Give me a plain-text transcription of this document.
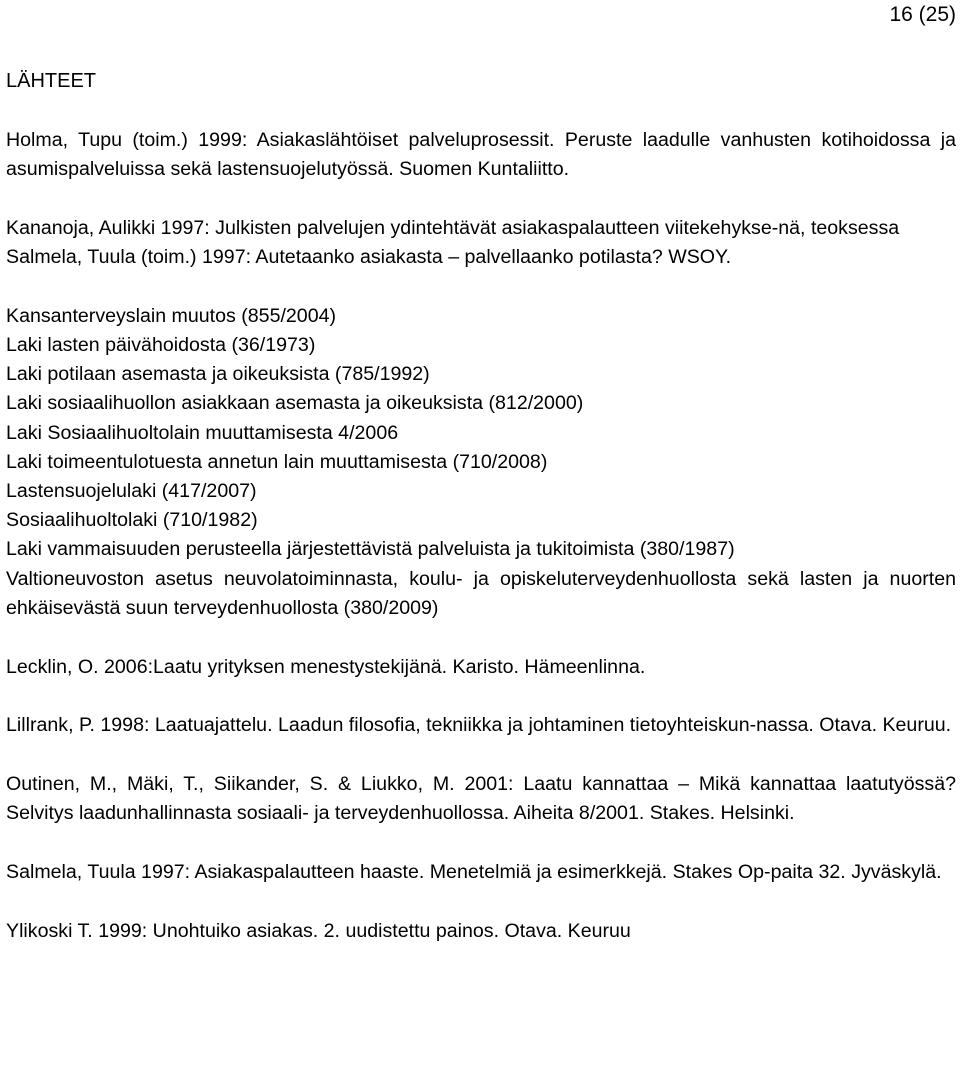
16 (25)
LÄHTEET
Holma, Tupu (toim.) 1999: Asiakaslähtöiset palveluprosessit. Peruste laadulle vanhusten kotihoidossa ja asumispalveluissa sekä lastensuojelutyössä. Suomen Kuntaliitto.
Kananoja, Aulikki 1997: Julkisten palvelujen ydintehtävät asiakaspalautteen viitekehykse-nä, teoksessa Salmela, Tuula (toim.) 1997: Autetaanko asiakasta – palvellaanko potilasta? WSOY.
Kansanterveyslain muutos (855/2004)
Laki lasten päivähoidosta (36/1973)
Laki potilaan asemasta ja oikeuksista (785/1992)
Laki sosiaalihuollon asiakkaan asemasta ja oikeuksista (812/2000)
Laki Sosiaalihuoltolain muuttamisesta 4/2006
Laki toimeentulotuesta annetun lain muuttamisesta (710/2008)
Lastensuojelulaki (417/2007)
Sosiaalihuoltolaki (710/1982)
Laki vammaisuuden perusteella järjestettävistä palveluista ja tukitoimista (380/1987)
Valtioneuvoston asetus neuvolatoiminnasta, koulu- ja opiskeluterveydenhuollosta sekä lasten ja nuorten ehkäisevästä suun terveydenhuollosta (380/2009)
Lecklin, O. 2006:Laatu yrityksen menestystekijänä. Karisto. Hämeenlinna.
Lillrank, P. 1998: Laatuajattelu. Laadun filosofia, tekniikka ja johtaminen tietoyhteiskun-nassa. Otava. Keuruu.
Outinen, M., Mäki, T., Siikander, S. & Liukko, M. 2001: Laatu kannattaa – Mikä kannattaa laatutyössä? Selvitys laadunhallinnasta sosiaali- ja terveydenhuollossa. Aiheita 8/2001. Stakes. Helsinki.
Salmela, Tuula 1997: Asiakaspalautteen haaste. Menetelmiä ja esimerkkejä. Stakes Op-paita 32. Jyväskylä.
Ylikoski T. 1999: Unohtuiko asiakas. 2. uudistettu painos. Otava. Keuruu
